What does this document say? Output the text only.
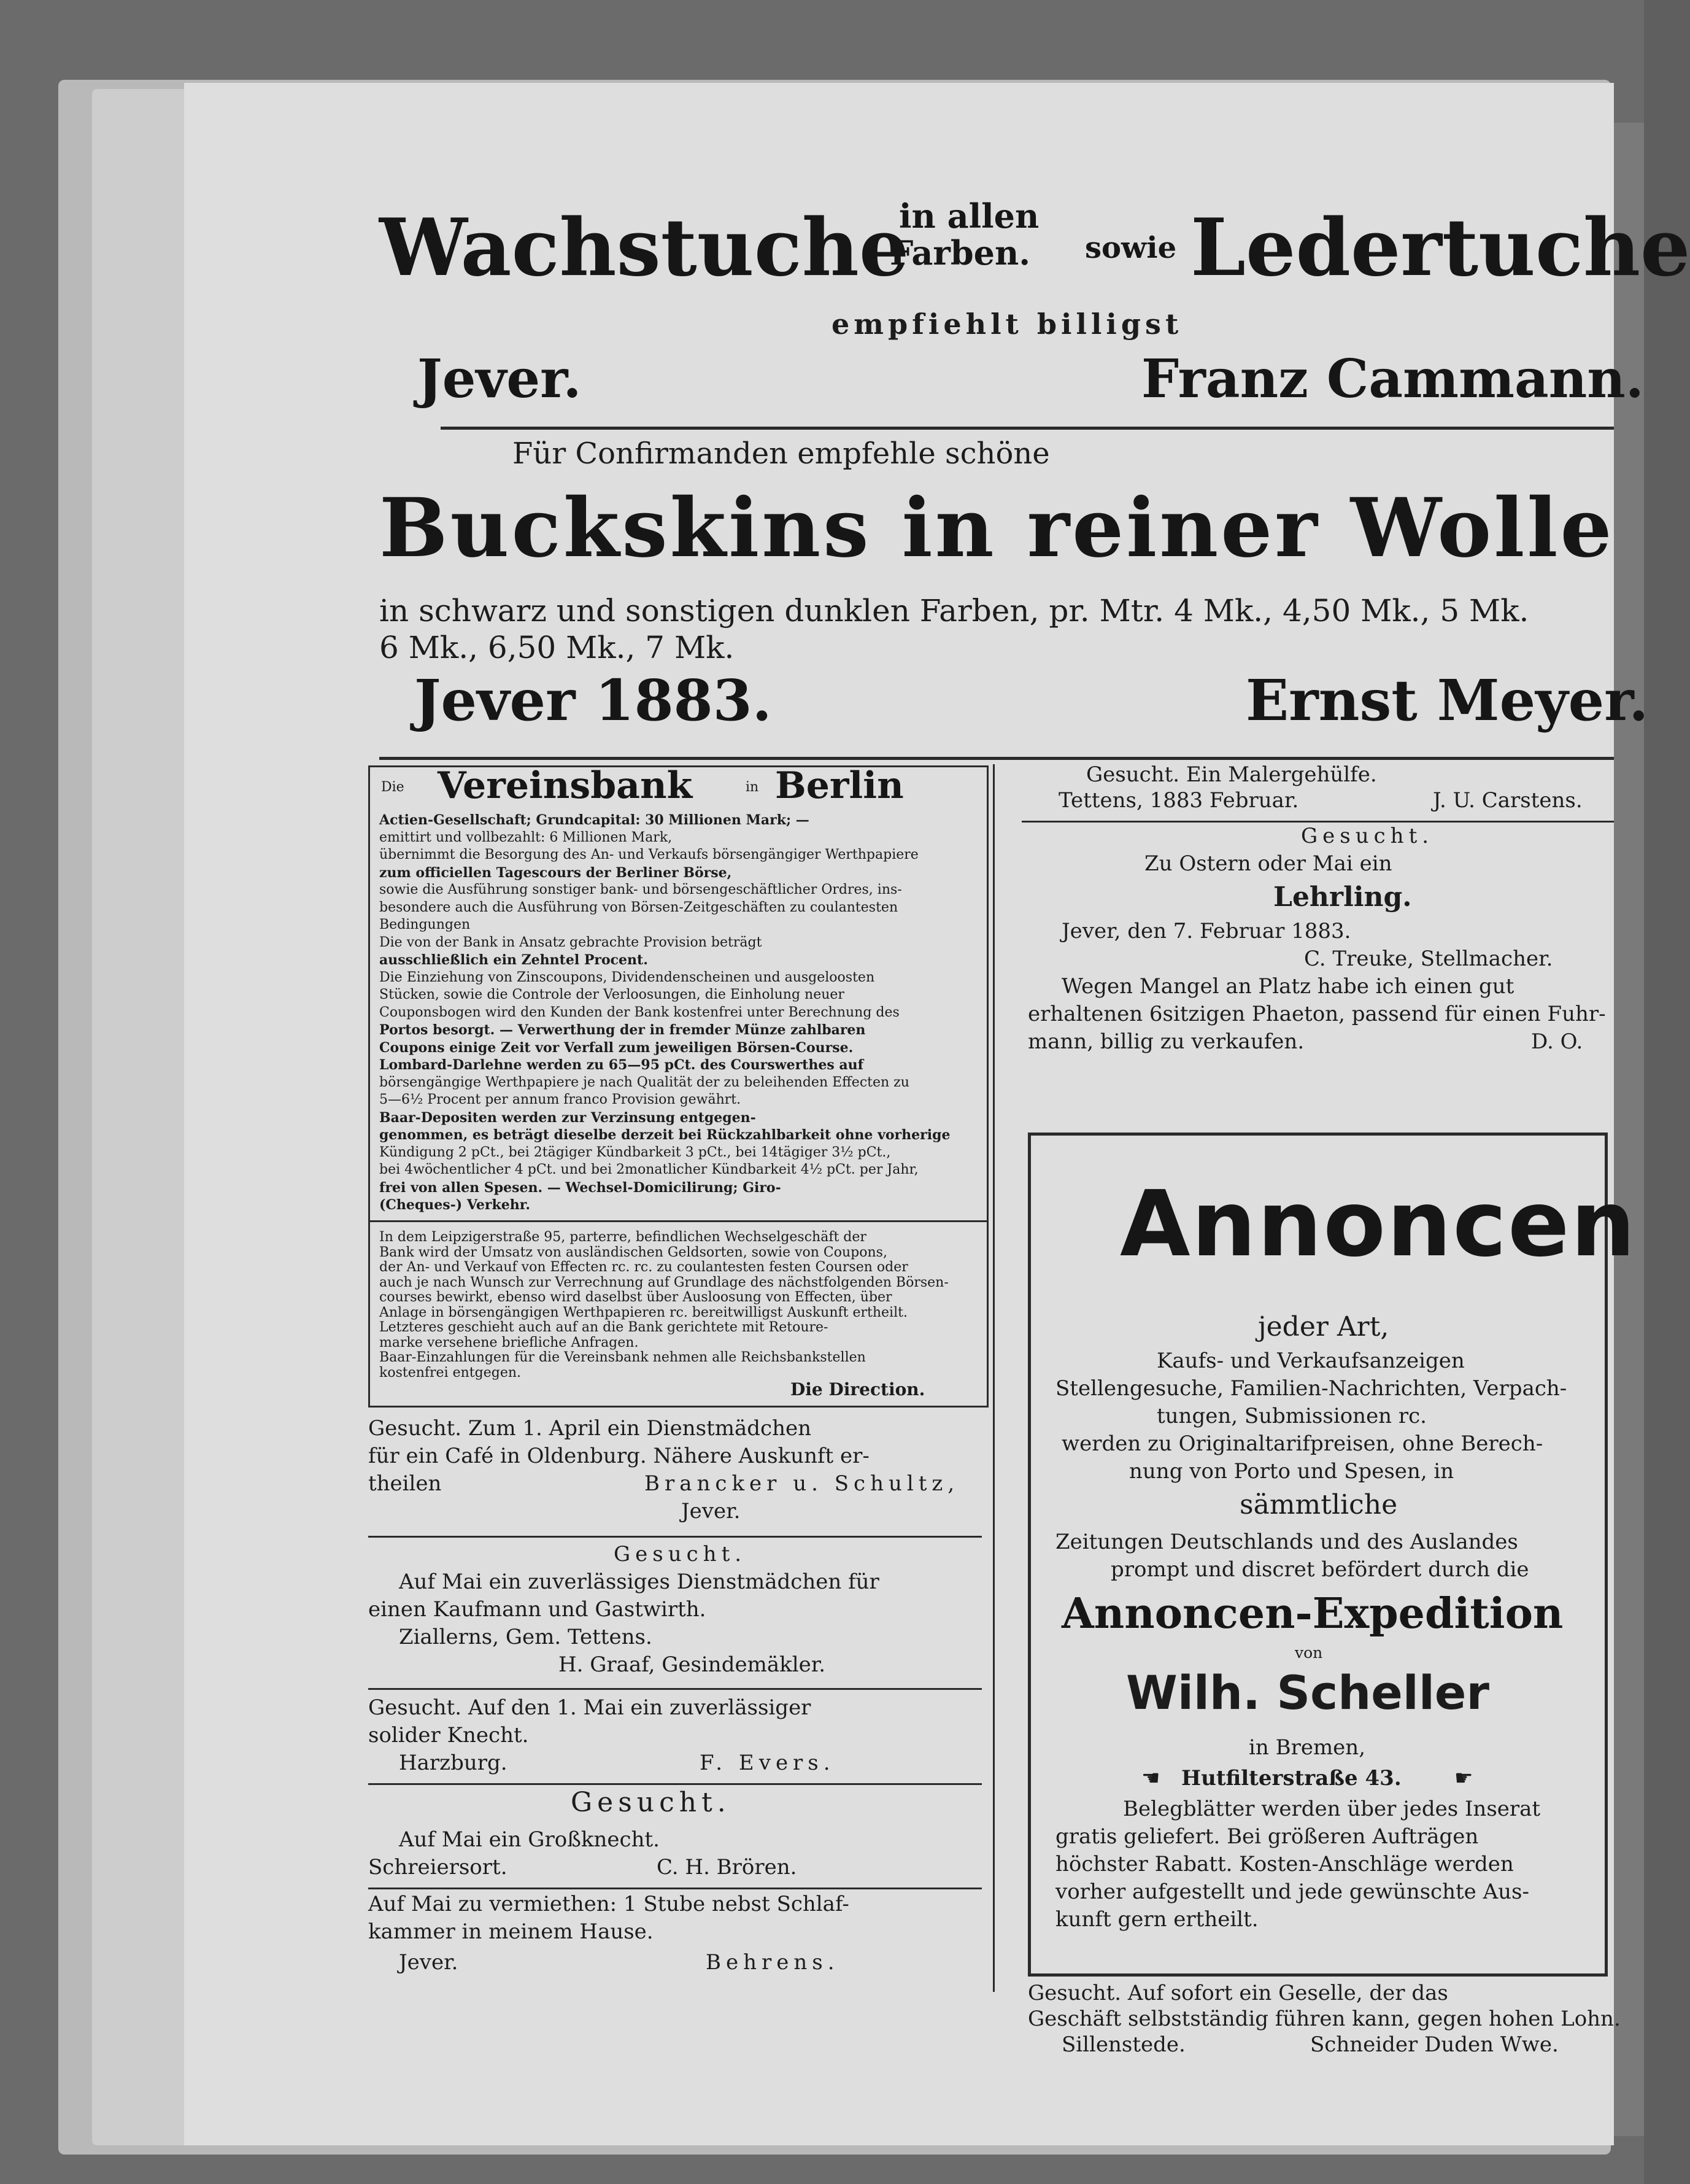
Wachstuche
in allen
Farben. sowie Ledertuche
empfiehlt billigst
Jever.	Franz Cammann.
Für Confirmanden empfehle schöne
Buckskins in reiner Wolle
in schwarz und sonstigen dunklen Farben, pr. Mtr. 4 Mk., 4,50 Mk., 5 Mk.
6 Mk., 6,50 Mk., 7 Mk.
Jever 1883.	Ernst Meyer.
Die Vereinsbank	in Berlin
Actien-Gesellschaft; Grundcapital: 30 Millionen Mark; —
emittirt und vollbezahlt: 6 Millionen Mark,
übernimmt die Besorgung des An- und Verkaufs börsengängiger Werthpapiere
zum officiellen Tagescours der Berliner Börse,
sowie die Ausführung sonstiger bank- und börsengeschäftlicher Ordres, ins-
besondere auch die Ausführung von Börsen-Zeitgeschäften zu coulantesten
Bedingungen
Die von der Bank in Ansatz gebrachte Provision beträgt
ausschließlich ein Zehntel Procent.
Die Einziehung von Zinscoupons, Dividendenscheinen und ausgeloosten
Stücken, sowie die Controle der Verloosungen, die Einholung neuer
Couponsbogen wird den Kunden der Bank kostenfrei unter Berechnung des
Portos besorgt. — Verwerthung der in fremder Münze zahlbaren
Coupons einige Zeit vor Verfall zum jeweiligen Börsen-Course.
Lombard-Darlehne werden zu 65—95 pCt. des Courswerthes auf
börsengängige Werthpapiere je nach Qualität der zu beleihenden Effecten zu
5—6½ Procent per annum franco Provision gewährt.
Baar-Depositen werden zur Verzinsung entgegen-
genommen, es beträgt dieselbe derzeit bei Rückzahlbarkeit ohne vorherige
Kündigung 2 pCt., bei 2tägiger Kündbarkeit 3 pCt., bei 14tägiger 3½ pCt.,
bei 4wöchentlicher 4 pCt. und bei 2monatlicher Kündbarkeit 4½ pCt. per Jahr,
frei von allen Spesen. — Wechsel-Domicilirung; Giro-
(Cheques-) Verkehr.
In dem Leipzigerstraße 95, parterre, befindlichen Wechselgeschäft der
Bank wird der Umsatz von ausländischen Geldsorten, sowie von Coupons,
der An- und Verkauf von Effecten rc. rc. zu coulantesten festen Coursen oder
auch je nach Wunsch zur Verrechnung auf Grundlage des nächstfolgenden Börsen-
courses bewirkt, ebenso wird daselbst über Ausloosung von Effecten, über
Anlage in börsengängigen Werthpapieren rc. bereitwilligst Auskunft ertheilt.
Letzteres geschieht auch auf an die Bank gerichtete mit Retoure-
marke versehene briefliche Anfragen.
Baar-Einzahlungen für die Vereinsbank nehmen alle Reichsbankstellen
kostenfrei entgegen.
Die Direction.
Gesucht. Zum 1. April ein Dienstmädchen
für ein Café in Oldenburg. Nähere Auskunft er-
theilen	Brancker u. Schultz,
Jever.
Gesucht.
Auf Mai ein zuverlässiges Dienstmädchen für
einen Kaufmann und Gastwirth.
Ziallerns, Gem. Tettens.
H. Graaf, Gesindemäkler.
Gesucht. Auf den 1. Mai ein zuverlässiger
solider Knecht.
Harzburg.	F. Evers.
Gesucht.
Auf Mai ein Großknecht.
Schreiersort.	C. H. Brören.
Auf Mai zu vermiethen: 1 Stube nebst Schlaf-
kammer in meinem Hause.
Jever.	Behrens.
Gesucht. Ein Malergehülfe.
Tettens, 1883 Februar.	J. U. Carstens.
Gesucht.
Zu Ostern oder Mai ein
Lehrling.
Jever, den 7. Februar 1883.
C. Treuke, Stellmacher.
Wegen Mangel an Platz habe ich einen gut
erhaltenen 6sitzigen Phaeton, passend für einen Fuhr-
mann, billig zu verkaufen.	D. O.
Annoncen
jeder Art,
Kaufs- und Verkaufsanzeigen
Stellengesuche, Familien-Nachrichten, Verpach-
tungen, Submissionen rc.
werden zu Originaltarifpreisen, ohne Berech-
nung von Porto und Spesen, in
sämmtliche
Zeitungen Deutschlands und des Auslandes
prompt und discret befördert durch die
Annoncen-Expedition
von
Wilh. Scheller
in Bremen,
☚ Hutfilterstraße 43.	☛
Belegblätter werden über jedes Inserat
gratis geliefert. Bei größeren Aufträgen
höchster Rabatt. Kosten-Anschläge werden
vorher aufgestellt und jede gewünschte Aus-
kunft gern ertheilt.
Gesucht. Auf sofort ein Geselle, der das
Geschäft selbstständig führen kann, gegen hohen Lohn.
Sillenstede.	Schneider Duden Wwe.
